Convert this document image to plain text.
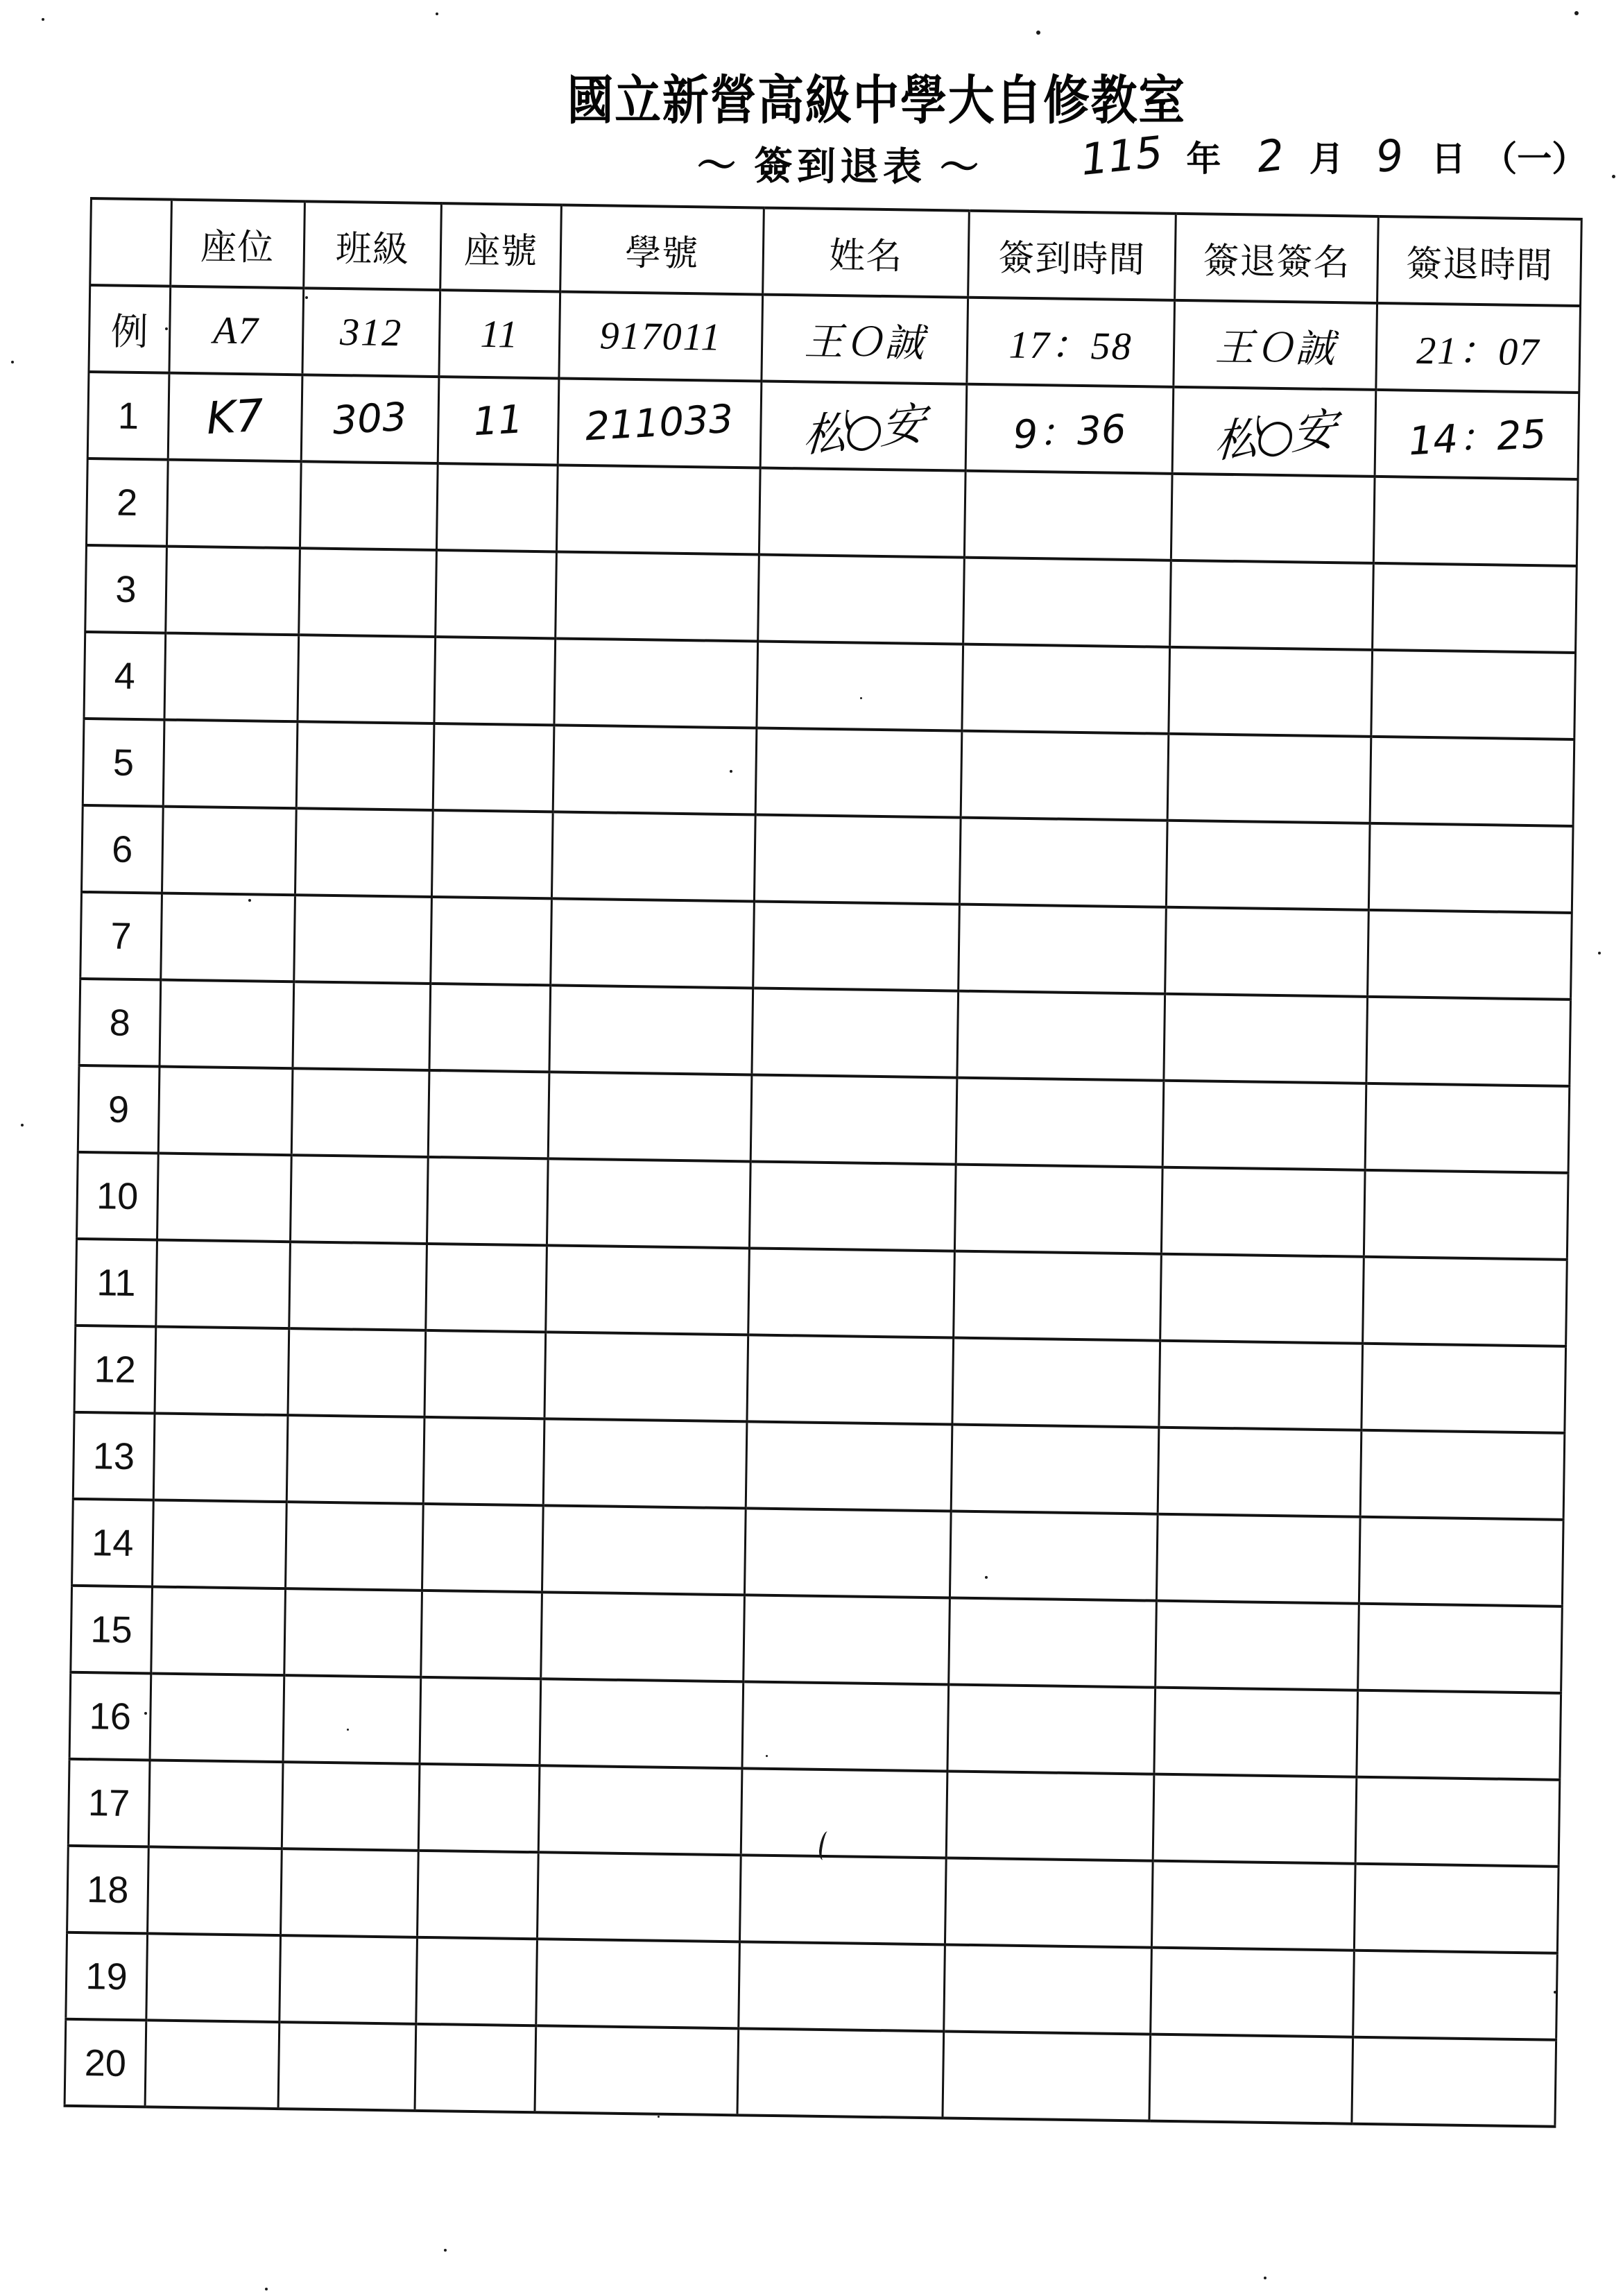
國立新營高級中學大自修教室
～ 簽到退表 ～ 115 年 2 月 9 日 （一）
	座位	班級	座號	學號	姓名	簽到時間	簽退簽名	簽退時間
例	A7	312	11	917011	王Ｏ誠	17：58	王Ｏ誠	21：07
1	K7	303	11	211033	松○安	9：36	松○安	14：25
2								
3								
4								
5								
6								
7								
8								
9								
10								
11								
12								
13								
14								
15								
16								
17								
18								
19								
20								
